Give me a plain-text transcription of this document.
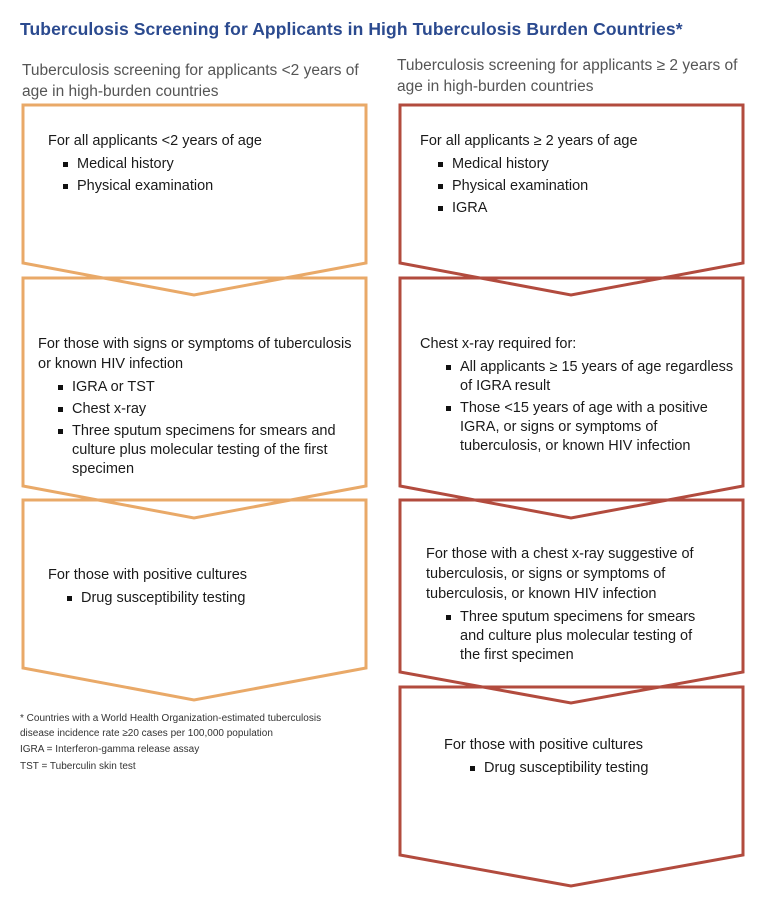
Tuberculosis Screening for Applicants in High Tuberculosis Burden Countries*
Tuberculosis screening for applicants <2 years of age in high-burden countries
Tuberculosis screening for applicants ≥ 2 years of age in high-burden countries
For all applicants <2 years of age
Medical history
Physical examination
For those with signs or symptoms of tuberculosis or known HIV infection
IGRA or TST
Chest x-ray
Three sputum specimens for smears and culture plus molecular testing of the first specimen
For those with positive cultures
Drug susceptibility testing
For all applicants ≥ 2 years of age
Medical history
Physical examination
IGRA
Chest x-ray required for:
All applicants ≥ 15 years of age regardless of IGRA result
Those <15 years of age with a positive IGRA, or signs or symptoms of tuberculosis, or known HIV infection
For those with a chest x-ray suggestive of tuberculosis, or signs or symptoms of tuberculosis, or known HIV infection
Three sputum specimens for smears and culture plus molecular testing of the first specimen
For those with positive cultures
Drug susceptibility testing
* Countries with a World Health Organization-estimated tuberculosis disease incidence rate ≥20 cases per 100,000 population
IGRA = Interferon-gamma release assay
TST = Tuberculin skin test
